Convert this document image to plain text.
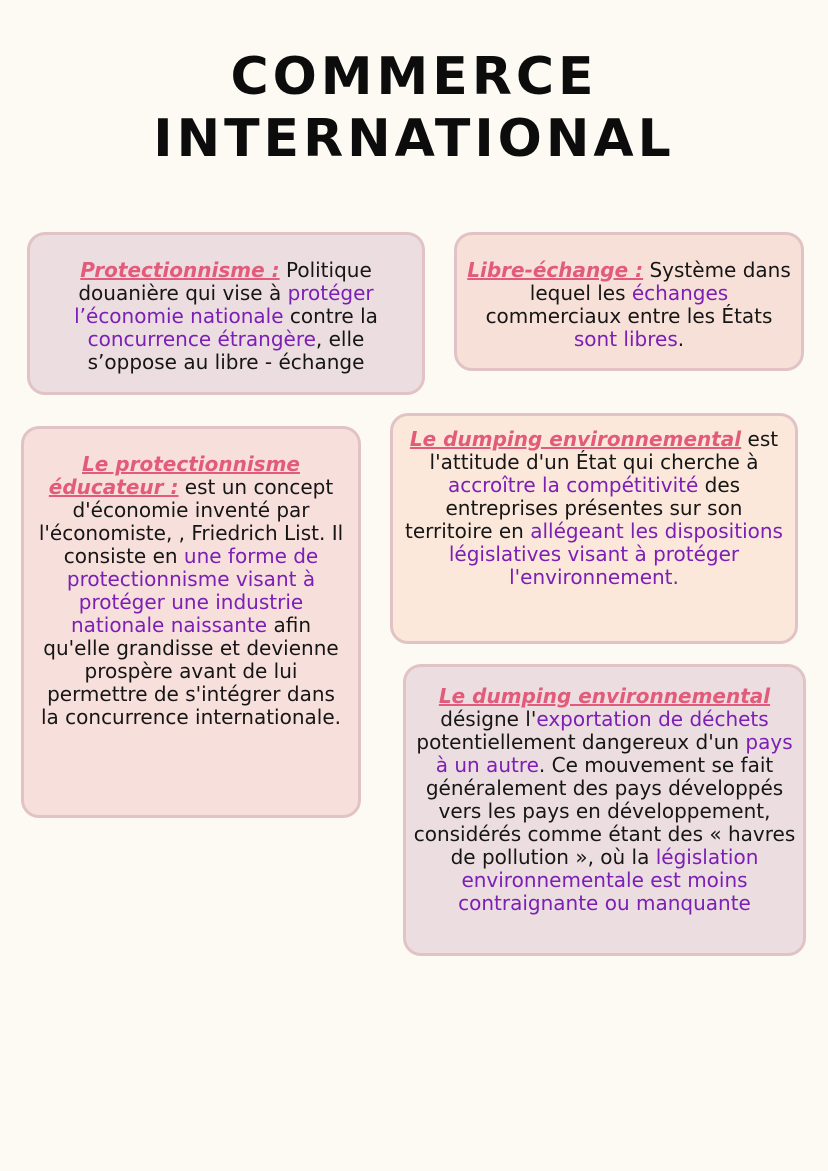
COMMERCE
INTERNATIONAL
Protectionnisme : Politique douanière qui vise à protéger l’économie nationale contre la concurrence étrangère, elle s’oppose au libre - échange
Libre-échange : Système dans lequel les échanges commerciaux entre les États sont libres.
Le protectionnisme éducateur : est un concept d'économie inventé par l'économiste, , Friedrich List. Il consiste en une forme de protectionnisme visant à protéger une industrie nationale naissante afin qu'elle grandisse et devienne prospère avant de lui permettre de s'intégrer dans la concurrence internationale.
Le dumping environnemental est l'attitude d'un État qui cherche à accroître la compétitivité des entreprises présentes sur son territoire en allégeant les dispositions législatives visant à protéger l'environnement.
Le dumping environnemental désigne l'exportation de déchets potentiellement dangereux d'un pays à un autre. Ce mouvement se fait généralement des pays développés vers les pays en développement, considérés comme étant des « havres de pollution », où la législation environnementale est moins contraignante ou manquante
